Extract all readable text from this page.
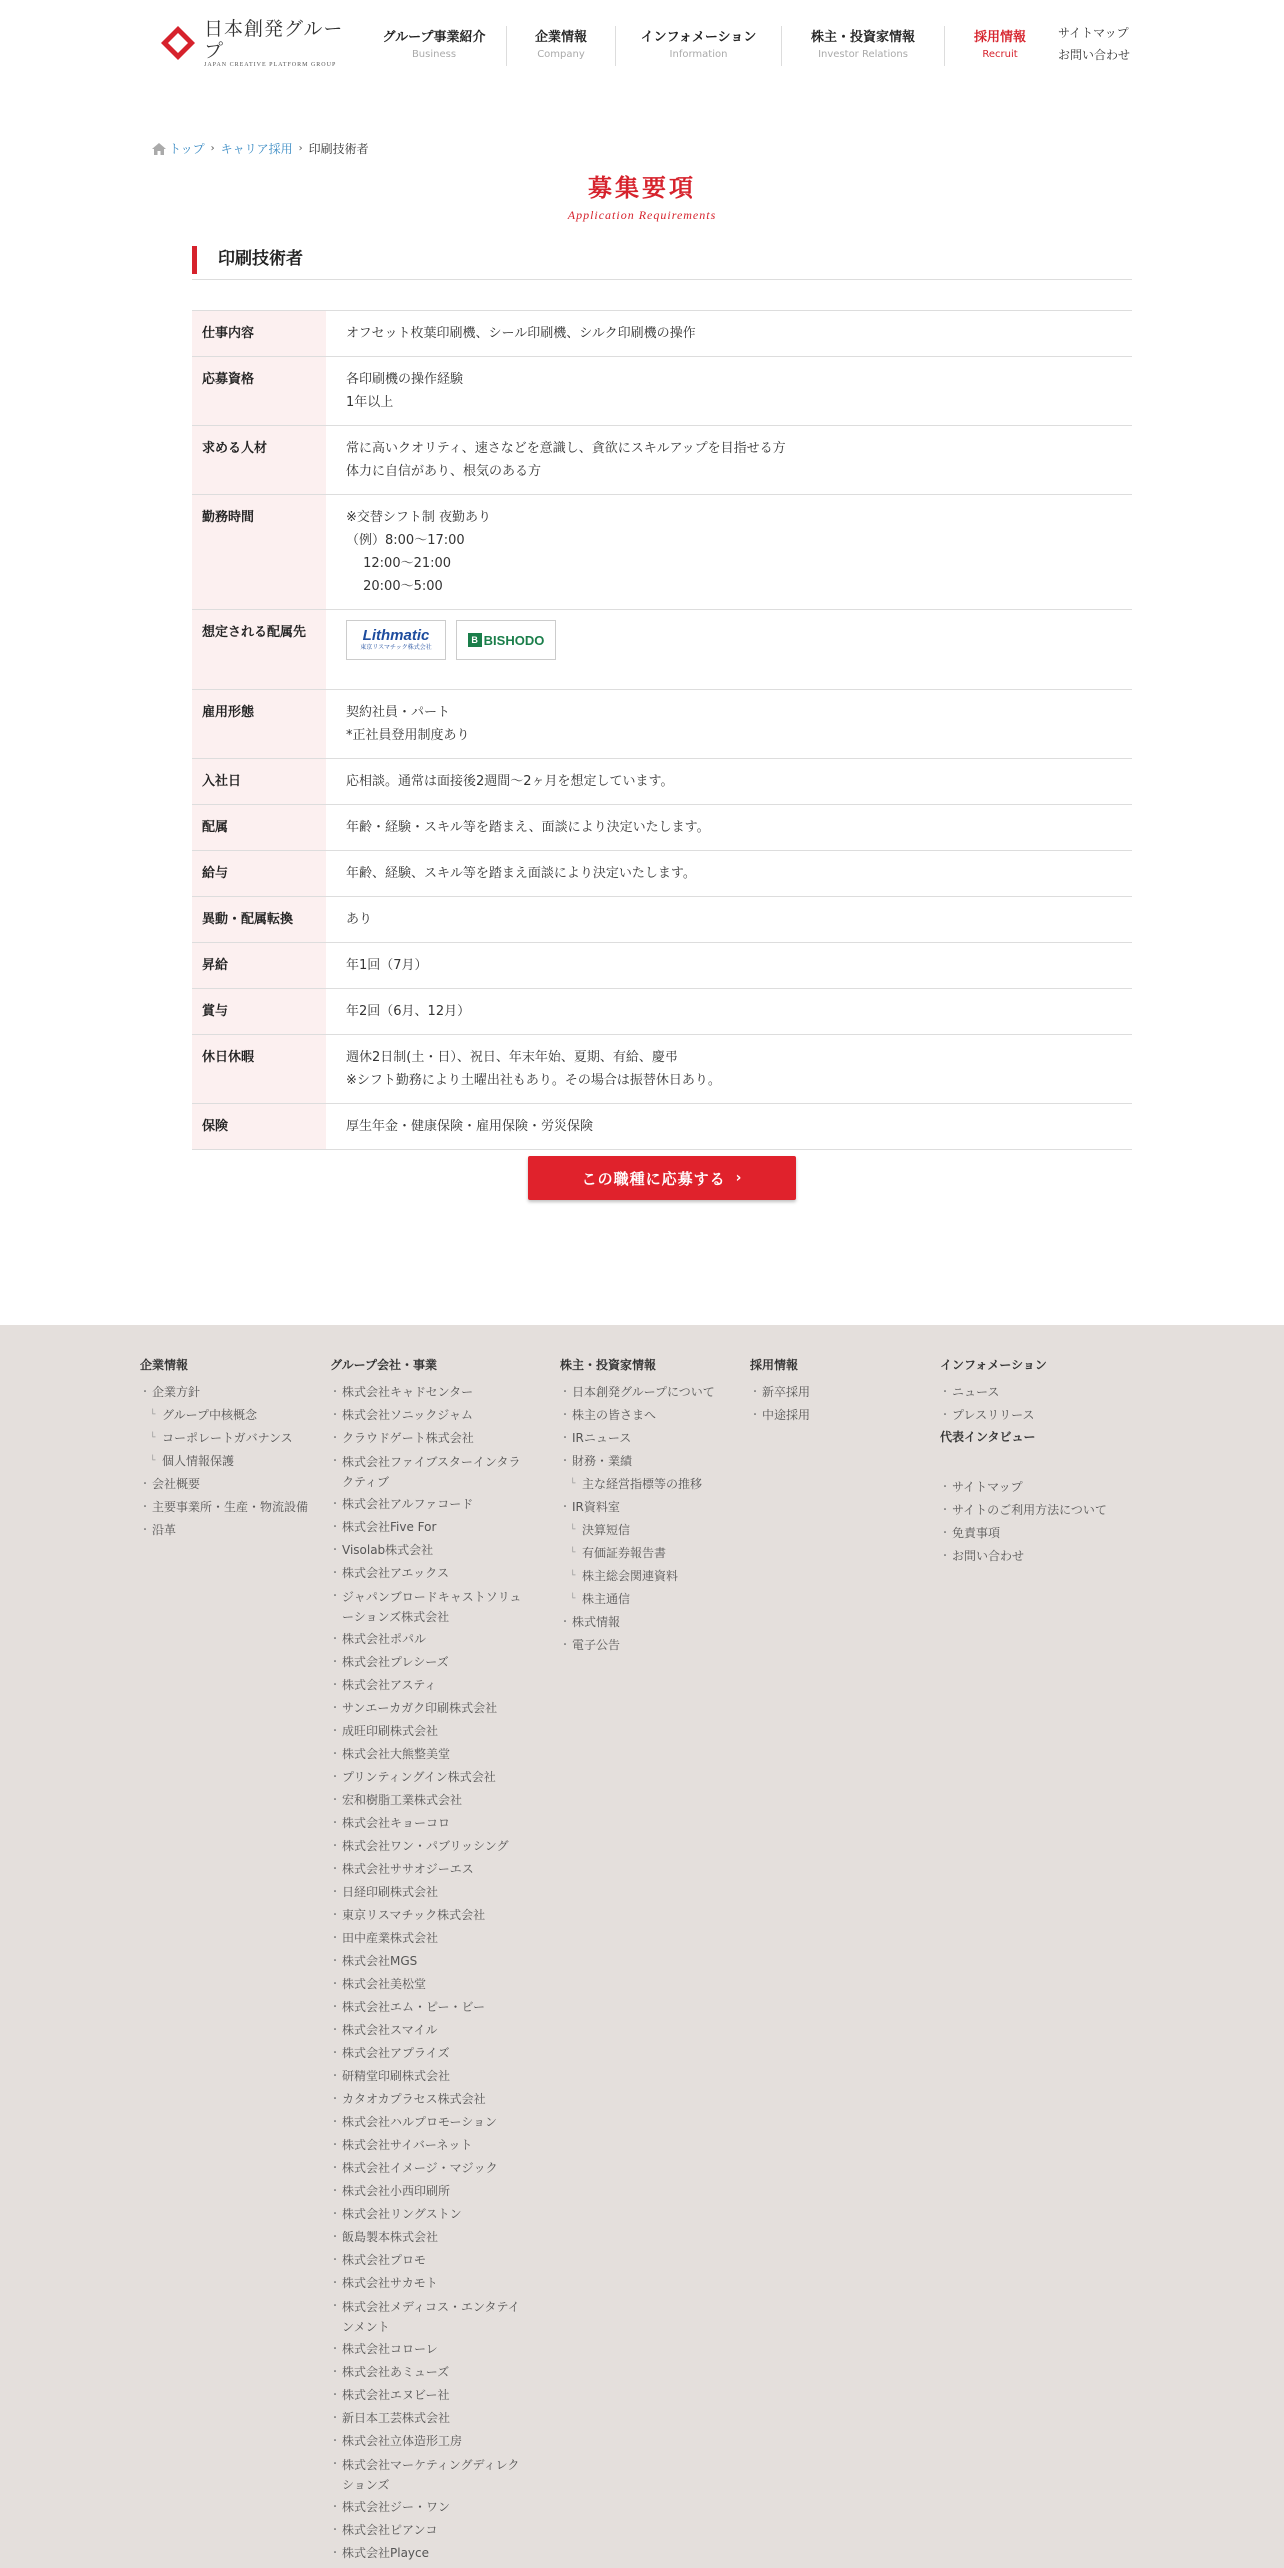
日本創発グループ
JAPAN CREATIVE PLATFORM GROUP
グループ事業紹介
Business
企業情報
Company
インフォメーション
Information
株主・投資家情報
Investor Relations
採用情報
Recruit
サイトマップ
お問い合わせ
トップ › キャリア採用 › 印刷技術者
募集要項
Application Requirements
印刷技術者
仕事内容	オフセット枚葉印刷機、シール印刷機、シルク印刷機の操作
応募資格	各印刷機の操作経験
1年以上
求める人材	常に高いクオリティ、速さなどを意識し、貪欲にスキルアップを目指せる方
体力に自信があり、根気のある方
勤務時間	※交替シフト制 夜勤あり
（例）8:00～17:00
　 12:00～21:00
　 20:00～5:00
想定される配属先	Lithmatic
東京リスマチック株式会社
B BISHODO
雇用形態	契約社員・パート
*正社員登用制度あり
入社日	応相談。通常は面接後2週間～2ヶ月を想定しています。
配属	年齢・経験・スキル等を踏まえ、面談により決定いたします。
給与	年齢、経験、スキル等を踏まえ面談により決定いたします。
異動・配属転換	あり
昇給	年1回（7月）
賞与	年2回（6月、12月）
休日休暇	週休2日制(土・日）、祝日、年末年始、夏期、有給、慶弔
※シフト勤務により土曜出社もあり。その場合は振替休日あり。
保険	厚生年金・健康保険・雇用保険・労災保険
この職種に応募する ›
企業情報
・ 企業方針
└ グループ中核概念
└ コーポレートガバナンス
└ 個人情報保護
・ 会社概要
・ 主要事業所・生産・物流設備
・ 沿革
グループ会社・事業
・ 株式会社キャドセンター
・ 株式会社ソニックジャム
・ クラウドゲート株式会社
・ 株式会社ファイブスターインタラクティブ
・ 株式会社アルファコード
・ 株式会社Five For
・ Visolab株式会社
・ 株式会社アエックス
・ ジャパンブロードキャストソリューションズ株式会社
・ 株式会社ポパル
・ 株式会社プレシーズ
・ 株式会社アスティ
・ サンエーカガク印刷株式会社
・ 成旺印刷株式会社
・ 株式会社大熊整美堂
・ プリンティングイン株式会社
・ 宏和樹脂工業株式会社
・ 株式会社キョーコロ
・ 株式会社ワン・パブリッシング
・ 株式会社ササオジーエス
・ 日経印刷株式会社
・ 東京リスマチック株式会社
・ 田中産業株式会社
・ 株式会社MGS
・ 株式会社美松堂
・ 株式会社エム・ピー・ビー
・ 株式会社スマイル
・ 株式会社アプライズ
・ 研精堂印刷株式会社
・ カタオカプラセス株式会社
・ 株式会社ハルプロモーション
・ 株式会社サイバーネット
・ 株式会社イメージ・マジック
・ 株式会社小西印刷所
・ 株式会社リングストン
・ 飯島製本株式会社
・ 株式会社プロモ
・ 株式会社サカモト
・ 株式会社メディコス・エンタテインメント
・ 株式会社コローレ
・ 株式会社あミューズ
・ 株式会社エヌビー社
・ 新日本工芸株式会社
・ 株式会社立体造形工房
・ 株式会社マーケティングディレクションズ
・ 株式会社ジー・ワン
・ 株式会社ピアンコ
・ 株式会社Playce
株主・投資家情報
・ 日本創発グループについて
・ 株主の皆さまへ
・ IRニュース
・ 財務・業績
└ 主な経営指標等の推移
・ IR資料室
└ 決算短信
└ 有価証券報告書
└ 株主総会関連資料
└ 株主通信
・ 株式情報
・ 電子公告
採用情報
・ 新卒採用
・ 中途採用
インフォメーション
・ ニュース
・ プレスリリース
代表インタビュー
・ サイトマップ
・ サイトのご利用方法について
・ 免責事項
・ お問い合わせ
